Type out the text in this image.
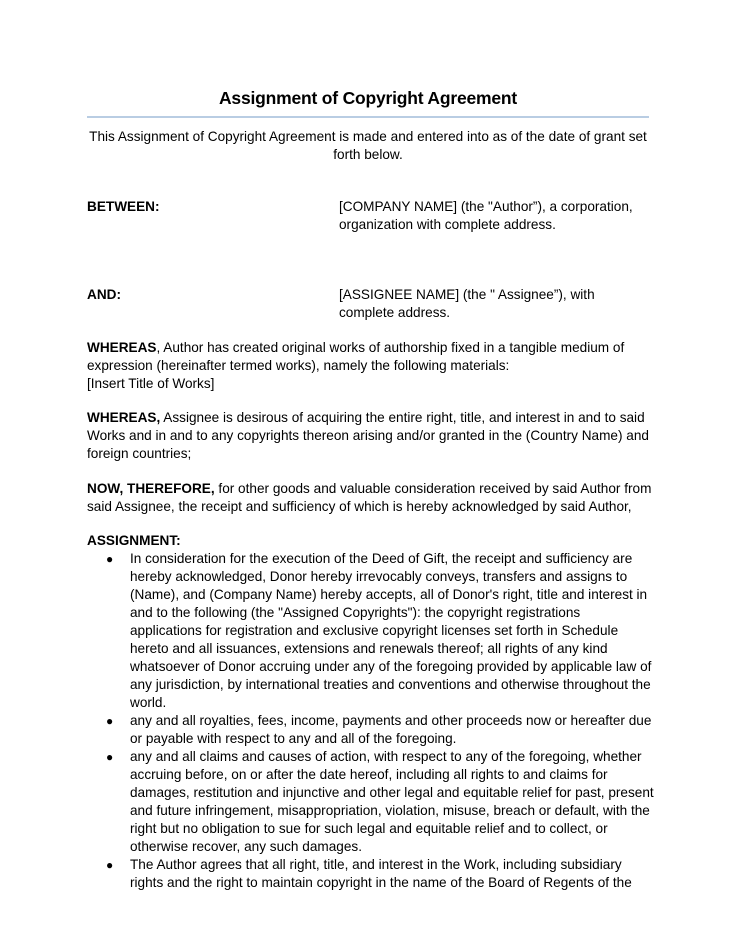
Assignment of Copyright Agreement
This Assignment of Copyright Agreement is made and entered into as of the date of grant set forth below.
BETWEEN:	[COMPANY NAME] (the "Author”), a corporation, organization with complete address.
AND:	[ASSIGNEE NAME] (the " Assignee”), with complete address.
WHEREAS, Author has created original works of authorship fixed in a tangible medium of expression (hereinafter termed works), namely the following materials:
[Insert Title of Works]
WHEREAS, Assignee is desirous of acquiring the entire right, title, and interest in and to said Works and in and to any copyrights thereon arising and/or granted in the (Country Name) and foreign countries;
NOW, THEREFORE, for other goods and valuable consideration received by said Author from said Assignee, the receipt and sufficiency of which is hereby acknowledged by said Author,
ASSIGNMENT:
● In consideration for the execution of the Deed of Gift, the receipt and sufficiency are hereby acknowledged, Donor hereby irrevocably conveys, transfers and assigns to (Name), and (Company Name) hereby accepts, all of Donor's right, title and interest in and to the following (the "Assigned Copyrights"): the copyright registrations applications for registration and exclusive copyright licenses set forth in Schedule hereto and all issuances, extensions and renewals thereof; all rights of any kind whatsoever of Donor accruing under any of the foregoing provided by applicable law of any jurisdiction, by international treaties and conventions and otherwise throughout the world.
● any and all royalties, fees, income, payments and other proceeds now or hereafter due or payable with respect to any and all of the foregoing.
● any and all claims and causes of action, with respect to any of the foregoing, whether accruing before, on or after the date hereof, including all rights to and claims for damages, restitution and injunctive and other legal and equitable relief for past, present and future infringement, misappropriation, violation, misuse, breach or default, with the right but no obligation to sue for such legal and equitable relief and to collect, or otherwise recover, any such damages.
● The Author agrees that all right, title, and interest in the Work, including subsidiary rights and the right to maintain copyright in the name of the Board of Regents of the
